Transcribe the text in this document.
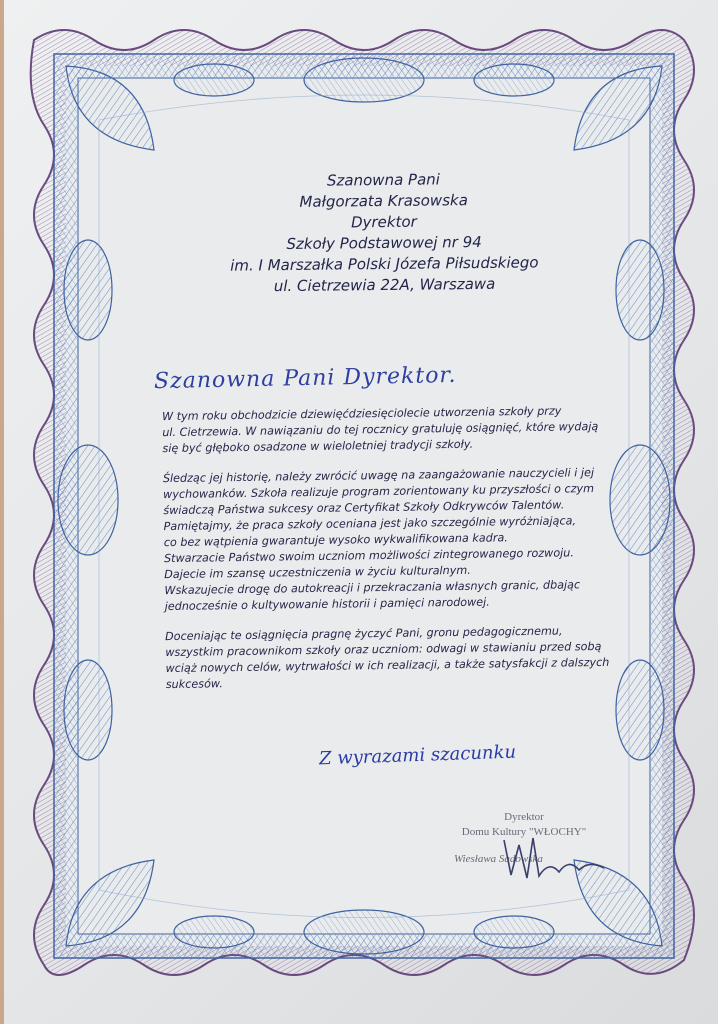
Szanowna Pani
Małgorzata Krasowska
Dyrektor
Szkoły Podstawowej nr 94
im. I Marszałka Polski Józefa Piłsudskiego
ul. Cietrzewia 22A, Warszawa
Szanowna Pani Dyrektor.
W tym roku obchodzicie dziewięćdziesięciolecie utworzenia szkoły przy
ul. Cietrzewia. W nawiązaniu do tej rocznicy gratuluję osiągnięć, które wydają
się być głęboko osadzone w wieloletniej tradycji szkoły.
Śledząc jej historię, należy zwrócić uwagę na zaangażowanie nauczycieli i jej
wychowanków. Szkoła realizuje program zorientowany ku przyszłości o czym
świadczą Państwa sukcesy oraz Certyfikat Szkoły Odkrywców Talentów.
Pamiętajmy, że praca szkoły oceniana jest jako szczególnie wyróżniająca,
co bez wątpienia gwarantuje wysoko wykwalifikowana kadra.
Stwarzacie Państwo swoim uczniom możliwości zintegrowanego rozwoju.
Dajecie im szansę uczestniczenia w życiu kulturalnym.
Wskazujecie drogę do autokreacji i przekraczania własnych granic, dbając
jednocześnie o kultywowanie historii i pamięci narodowej.
Doceniając te osiągnięcia pragnę życzyć Pani, gronu pedagogicznemu,
wszystkim pracownikom szkoły oraz uczniom: odwagi w stawianiu przed sobą
wciąż nowych celów, wytrwałości w ich realizacji, a także satysfakcji z dalszych
sukcesów.
Z wyrazami szacunku
Dyrektor
Domu Kultury "WŁOCHY"
Wiesława Sadowska
